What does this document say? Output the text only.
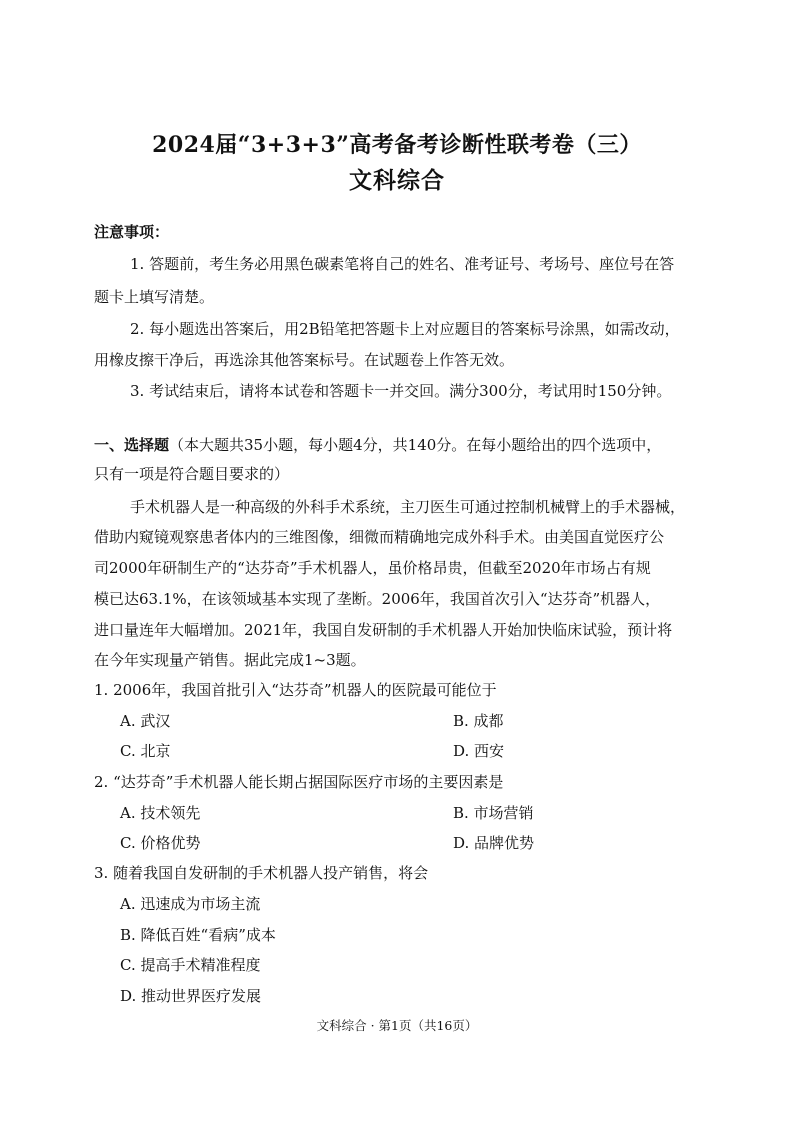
2024届“3+3+3”高考备考诊断性联考卷（三）
文科综合
注意事项：
1. 答题前，考生务必用黑色碳素笔将自己的姓名、准考证号、考场号、座位号在答
题卡上填写清楚。
2. 每小题选出答案后，用2B铅笔把答题卡上对应题目的答案标号涂黑，如需改动，
用橡皮擦干净后，再选涂其他答案标号。在试题卷上作答无效。
3. 考试结束后，请将本试卷和答题卡一并交回。满分300分，考试用时150分钟。
一、选择题（本大题共35小题，每小题4分，共140分。在每小题给出的四个选项中，
只有一项是符合题目要求的）
手术机器人是一种高级的外科手术系统，主刀医生可通过控制机械臂上的手术器械，
借助内窥镜观察患者体内的三维图像，细微而精确地完成外科手术。由美国直觉医疗公
司2000年研制生产的“达芬奇”手术机器人，虽价格昂贵，但截至2020年市场占有规
模已达63.1%，在该领域基本实现了垄断。2006年，我国首次引入“达芬奇”机器人，
进口量连年大幅增加。2021年，我国自发研制的手术机器人开始加快临床试验，预计将
在今年实现量产销售。据此完成1~3题。
1. 2006年，我国首批引入“达芬奇”机器人的医院最可能位于
A. 武汉	B. 成都
C. 北京	D. 西安
2. “达芬奇”手术机器人能长期占据国际医疗市场的主要因素是
A. 技术领先	B. 市场营销
C. 价格优势	D. 品牌优势
3. 随着我国自发研制的手术机器人投产销售，将会
A. 迅速成为市场主流
B. 降低百姓“看病”成本
C. 提高手术精准程度
D. 推动世界医疗发展
文科综合 · 第1页（共16页）
